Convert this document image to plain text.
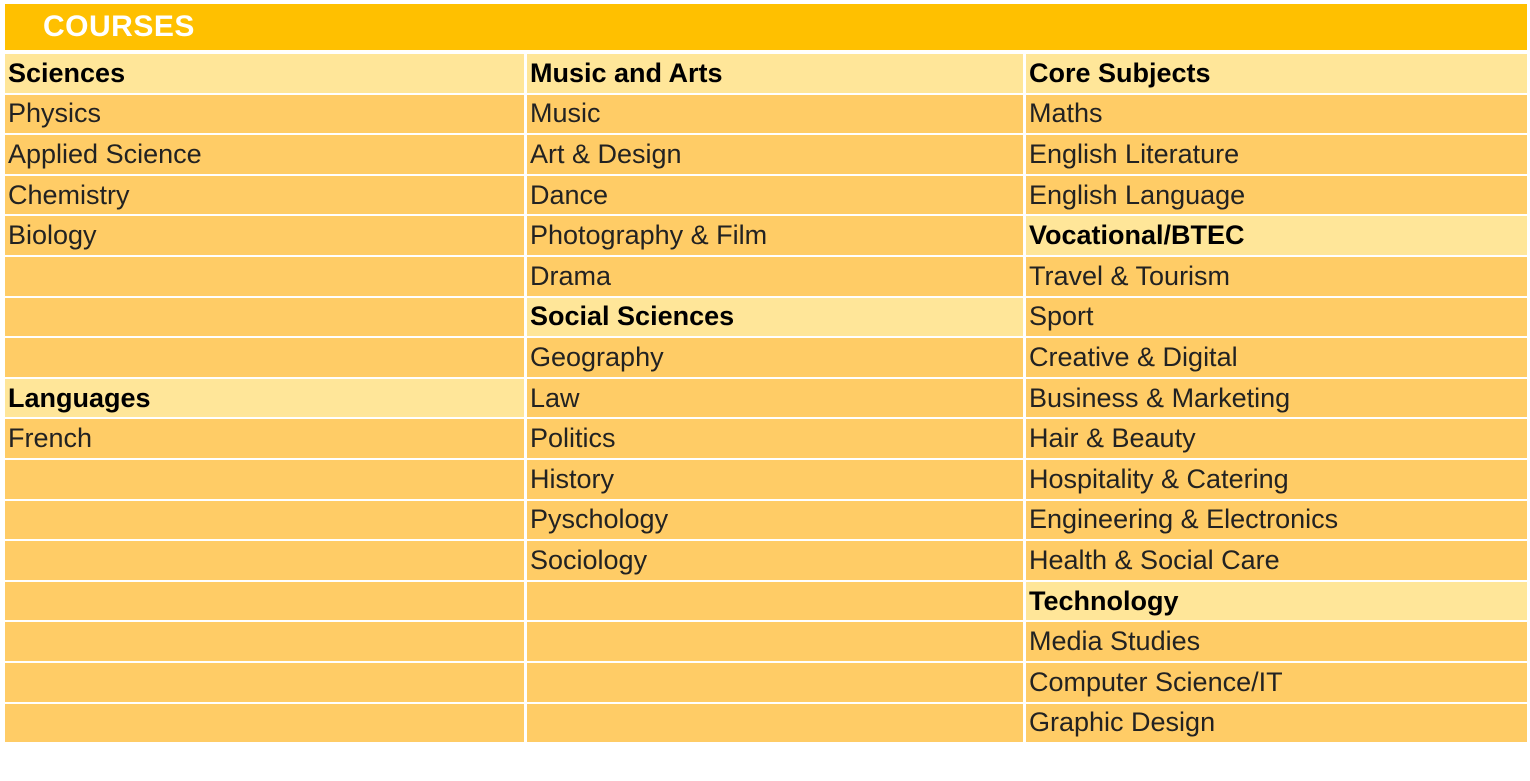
COURSES
Sciences	Music and Arts	Core Subjects
Physics	Music	Maths
Applied Science	Art & Design	English Literature
Chemistry	Dance	English Language
Biology	Photography & Film	Vocational/BTEC
	Drama	Travel & Tourism
	Social Sciences	Sport
	Geography	Creative & Digital
Languages	Law	Business & Marketing
French	Politics	Hair & Beauty
	History	Hospitality & Catering
	Pyschology	Engineering & Electronics
	Sociology	Health & Social Care
		Technology
		Media Studies
		Computer Science/IT
		Graphic Design
